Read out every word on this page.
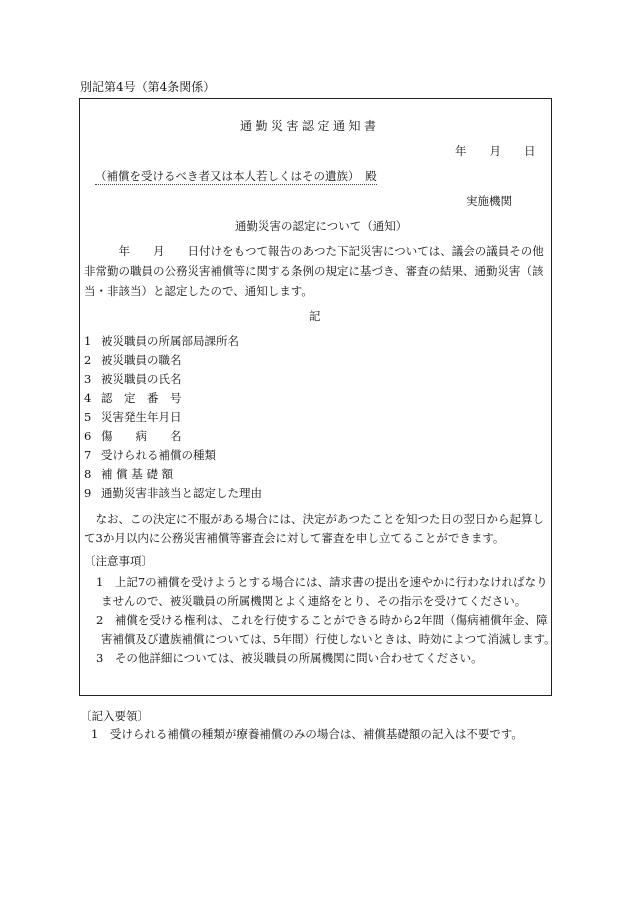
別記第4号（第4条関係）
通勤災害認定通知書
年　　月　　日
（補償を受けるべき者又は本人若しくはその遺族）　殿
実施機関
通勤災害の認定について（通知）
　　　年　　月　　日付けをもつて報告のあつた下記災害については、議会の議員その他
非常勤の職員の公務災害補償等に関する条例の規定に基づき、審査の結果、通勤災害（該
当・非該当）と認定したので、通知します。
記
1 被災職員の所属部局課所名
2 被災職員の職名
3 被災職員の氏名
4 認　定　番　号
5 災害発生年月日
6 傷　　病　　名
7 受けられる補償の種類
8 補 償 基 礎 額
9 通勤災害非該当と認定した理由
　なお、この決定に不服がある場合には、決定があつたことを知つた日の翌日から起算し
て3か月以内に公務災害補償等審査会に対して審査を申し立てることができます。
〔注意事項〕
1　上記7の補償を受けようとする場合には、請求書の提出を速やかに行わなければなり
ませんので、被災職員の所属機関とよく連絡をとり、その指示を受けてください。
2　補償を受ける権利は、これを行使することができる時から2年間（傷病補償年金、障
害補償及び遺族補償については、5年間）行使しないときは、時効によつて消滅します。
3　その他詳細については、被災職員の所属機関に問い合わせてください。
〔記入要領〕
1　受けられる補償の種類が療養補償のみの場合は、補償基礎額の記入は不要です。
